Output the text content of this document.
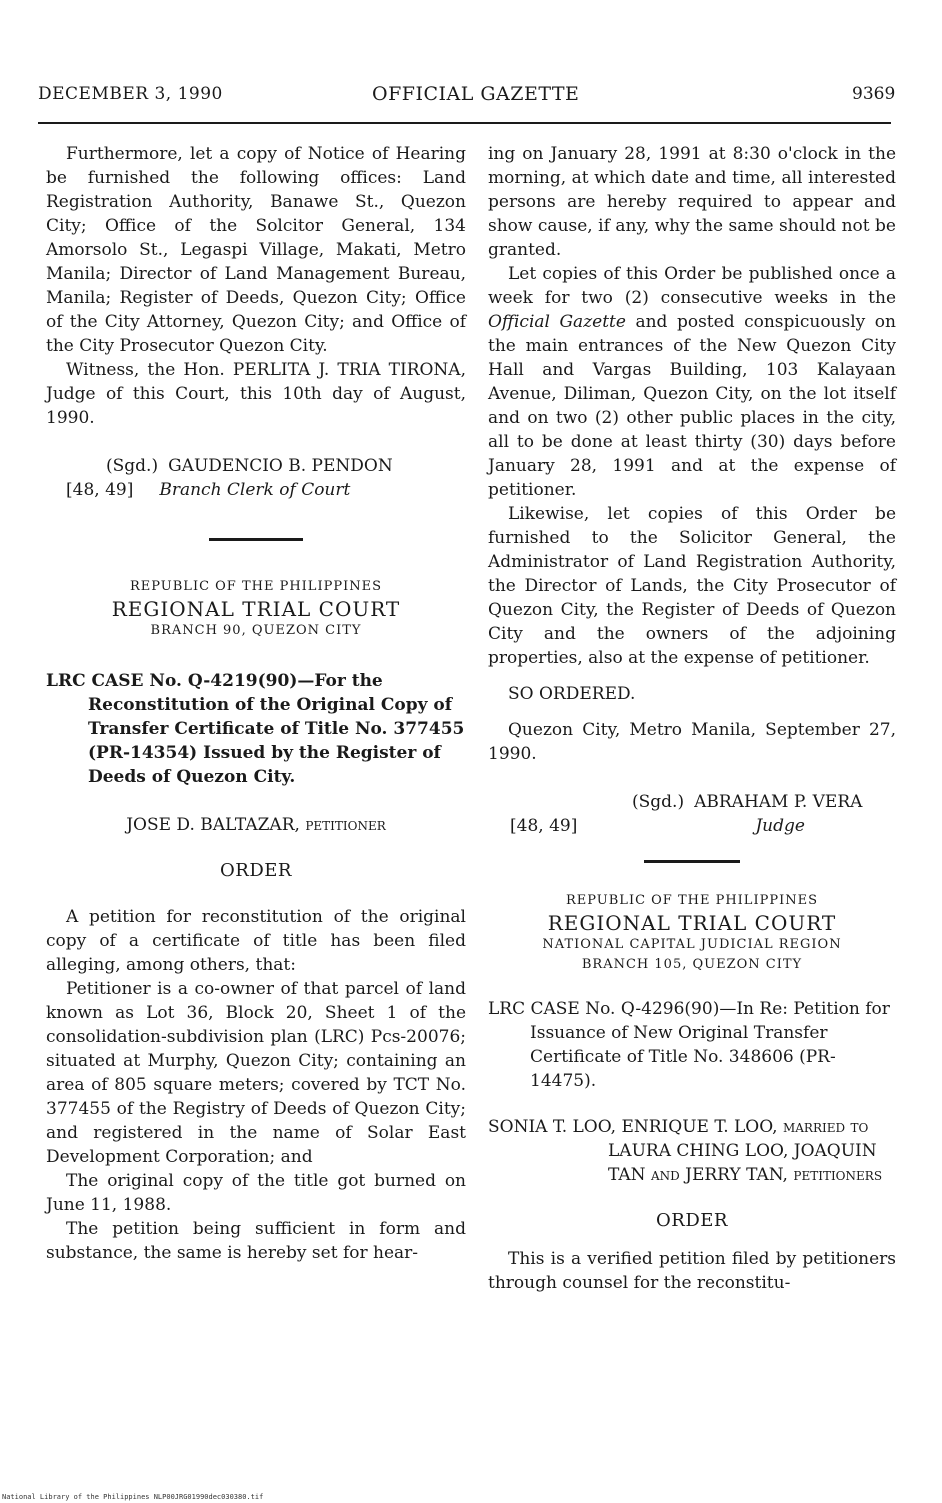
DECEMBER 3, 1990	OFFICIAL GAZETTE	9369

Furthermore, let a copy of Notice of Hearing be furnished the following offices: Land Registration Authority, Banawe St., Quezon City; Office of the Solcitor General, 134 Amorsolo St., Legaspi Village, Makati, Metro Manila; Director of Land Management Bureau, Manila; Register of Deeds, Quezon City; Office of the City Attorney, Quezon City; and Office of the City Prosecutor Quezon City.

Witness, the Hon. PERLITA J. TRIA TIRONA, Judge of this Court, this 10th day of August, 1990.

(Sgd.) GAUDENCIO B. PENDON
[48, 49] Branch Clerk of Court
REPUBLIC OF THE PHILIPPINES
REGIONAL TRIAL COURT
BRANCH 90, QUEZON CITY

LRC CASE No. Q-4219(90)—For the Reconstitution of the Original Copy of Transfer Certificate of Title No. 377455 (PR-14354) Issued by the Register of Deeds of Quezon City.

JOSE D. BALTAZAR, petitioner

ORDER

A petition for reconstitution of the original copy of a certificate of title has been filed alleging, among others, that:

Petitioner is a co-owner of that parcel of land known as Lot 36, Block 20, Sheet 1 of the consolidation-subdivision plan (LRC) Pcs-20076; situated at Murphy, Quezon City; containing an area of 805 square meters; covered by TCT No. 377455 of the Registry of Deeds of Quezon City; and registered in the name of Solar East Development Corporation; and

The original copy of the title got burned on June 11, 1988.

The petition being sufficient in form and substance, the same is hereby set for hear-

ing on January 28, 1991 at 8:30 o'clock in the morning, at which date and time, all interested persons are hereby required to appear and show cause, if any, why the same should not be granted.

Let copies of this Order be published once a week for two (2) consecutive weeks in the Official Gazette and posted conspicuously on the main entrances of the New Quezon City Hall and Vargas Building, 103 Kalayaan Avenue, Diliman, Quezon City, on the lot itself and on two (2) other public places in the city, all to be done at least thirty (30) days before January 28, 1991 and at the expense of petitioner.

Likewise, let copies of this Order be furnished to the Solicitor General, the Administrator of Land Registration Authority, the Director of Lands, the City Prosecutor of Quezon City, the Register of Deeds of Quezon City and the owners of the adjoining properties, also at the expense of petitioner.

SO ORDERED.

Quezon City, Metro Manila, September 27, 1990.

(Sgd.) ABRAHAM P. VERA
[48, 49]	Judge
REPUBLIC OF THE PHILIPPINES
REGIONAL TRIAL COURT
NATIONAL CAPITAL JUDICIAL REGION
BRANCH 105, QUEZON CITY

LRC CASE No. Q-4296(90)—In Re: Petition for Issuance of New Original Transfer Certificate of Title No. 348606 (PR-14475).

SONIA T. LOO, ENRIQUE T. LOO, married to LAURA CHING LOO, JOAQUIN TAN and JERRY TAN, petitioners

ORDER

This is a verified petition filed by petitioners through counsel for the reconstitu-

National Library of the Philippines NLP00JRG01990dec030380.tif
